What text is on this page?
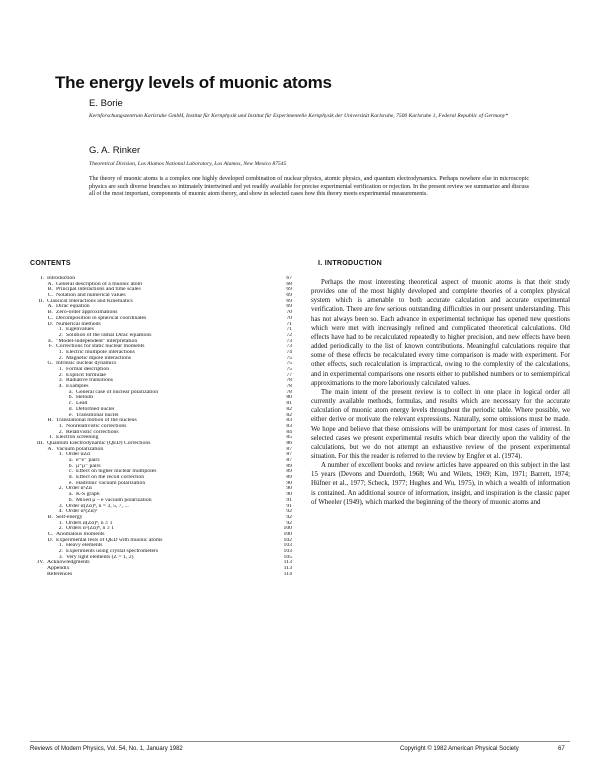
The energy levels of muonic atoms
E. Borie
Kernforschungszentrum Karlsruhe GmbH, Institut für Kernphysik und Institut für Experimentelle Kernphysik der Universität Karlsruhe, 7500 Karlsruhe 1, Federal Republic of Germany*
G. A. Rinker
Theoretical Division, Los Alamos National Laboratory, Los Alamos, New Mexico 87545
The theory of muonic atoms is a complex one highly developed combination of nuclear physics, atomic physics, and quantum electrodynamics. Perhaps nowhere else in microscopic physics are such diverse branches so intimately intertwined and yet readily available for precise experimental verification or rejection. In the present review we summarize and discuss all of the most important, components of muonic atom theory, and show in selected cases how this theory meets experimental measurements.
CONTENTS	I. INTRODUCTION
I. Introduction	67
A. General description of a muonic atom	68
B. Principal interactions and time scales	69
C. Notation and numerical values	69
II. Classical Interactions and Kinematics	69
A. Dirac equation	69
B. Zero-order approximations	70
C. Decomposition in spherical coordinates	70
D. Numerical methods	71
1. Eigenvalues	71
2. Solution of the radial Dirac equations	72
E. "Model-independent" interpretation	73
F. Corrections for static nuclear moments	73
1. Electric multipole interactions	74
2. Magnetic dipole interactions	75
G. Intrinsic nuclear dynamics	75
1. Formal description	75
2. Explicit formulae	77
3. Radiative transitions	78
4. Examples	78
a. General case of nuclear polarization	78
b. Helium	80
c. Lead	81
d. Deformed nuclei	82
e. Transitional nuclei	82
H. Translational motion of the nucleus	83
1. Nonrelativistic corrections	83
2. Relativistic corrections	84
I. Electron screening	85
III. Quantum Electrodynamic (QED) Corrections	86
A. Vacuum polarization	87
1. Order αZα	87
a. e⁺e⁻ pairs	87
b. μ⁺μ⁻ pairs	89
c. Effect on higher nuclear multipoles	89
d. Effect on the recoil correction	89
e. Hadronic vacuum polarization	90
2. Order α²Zα	90
a. K-S graph	90
b. Mixed μ – e vacuum polarization	91
3. Order α(Zα)ⁿ, n = 3, 5, 7, ...	91
4. Order α²(Zα)²	92
B. Self-energy	92
1. Orders α(Zα)ⁿ, n ≥ 1	92
2. Orders α²(Zα)ⁿ, n ≥ 1	100
C. Anomalous moments	100
D. Experimental tests of QED with muonic atoms	102
1. Heavy elements	103
2. Experiments using crystal spectrometers	103
3. Very light elements (Z = 1, 2)	105
IV. Acknowledgments	113
Appendix	113
References	114

Perhaps the most interesting theoretical aspect of muonic atoms is that their study provides one of the most highly developed and complete theories of a complex physical system which is amenable to both accurate calculation and accurate experimental verification. There are few serious outstanding difficulties in our present understanding. This has not always been so. Each advance in experimental technique has opened new questions which were met with increasingly refined and complicated theoretical calculations. Old effects have had to be recalculated repeatedly to higher precision, and new effects have been added periodically to the list of known contributions. Meaningful calculations require that some of these effects be recalculated every time comparison is made with experiment. For other effects, such recalculation is impractical, owing to the complexity of the calculations, and in experimental comparisons one resorts either to published numbers or to semiempirical approximations to the more laboriously calculated values.

The main intent of the present review is to collect in one place in logical order all currently available methods, formulas, and results which are necessary for the accurate calculation of muonic atom energy levels throughout the periodic table. Where possible, we either derive or motivate the relevant expressions. Naturally, some omissions must be made. We hope and believe that these omissions will be unimportant for most cases of interest. In selected cases we present experimental results which bear directly upon the validity of the calculations, but we do not attempt an exhaustive review of the present experimental situation. For this the reader is referred to the review by Engfer et al. (1974).

A number of excellent books and review articles have appeared on this subject in the last 15 years (Devons and Duerdoth, 1968; Wu and Wilets, 1969; Kim, 1971; Barrett, 1974; Hüfner et al., 1977; Scheck, 1977; Hughes and Wu, 1975), in which a wealth of information is contained. An additional source of information, insight, and inspiration is the classic paper of Wheeler (1949), which marked the beginning of the theory of muonic atoms and

Reviews of Modern Physics, Vol. 54, No. 1, January 1982	Copyright © 1982 American Physical Society	67
